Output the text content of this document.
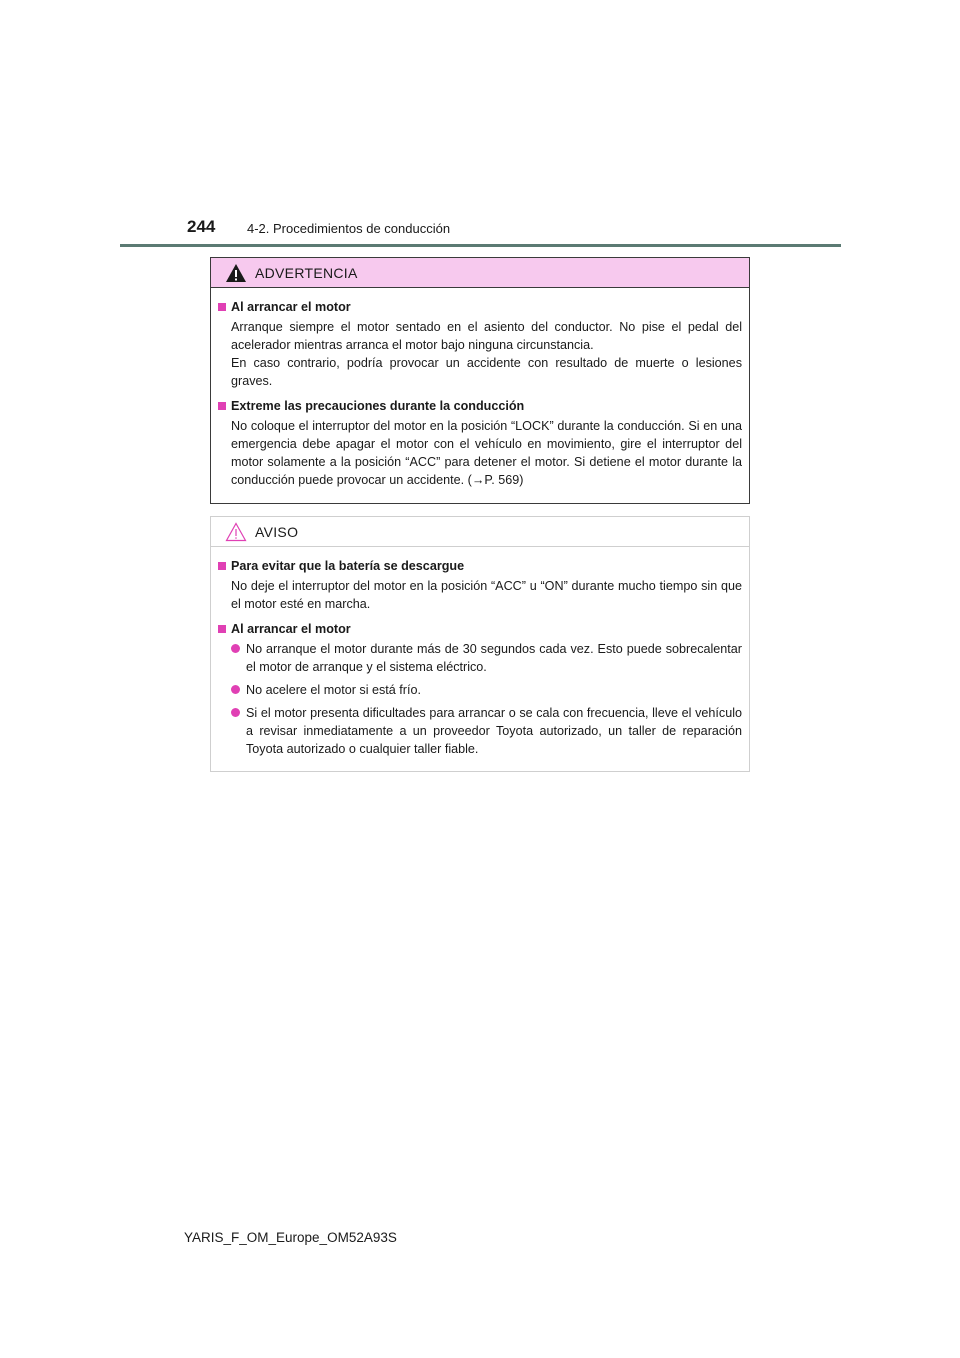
244 4-2. Procedimientos de conducción
ADVERTENCIA
Al arrancar el motor
Arranque siempre el motor sentado en el asiento del conductor. No pise el pedal del acelerador mientras arranca el motor bajo ninguna circunstancia.
En caso contrario, podría provocar un accidente con resultado de muerte o lesiones graves.
Extreme las precauciones durante la conducción
No coloque el interruptor del motor en la posición “LOCK” durante la conducción. Si en una emergencia debe apagar el motor con el vehículo en movimiento, gire el interruptor del motor solamente a la posición “ACC” para detener el motor. Si detiene el motor durante la conducción puede provocar un accidente. (→P. 569)
AVISO
Para evitar que la batería se descargue
No deje el interruptor del motor en la posición “ACC” u “ON” durante mucho tiempo sin que el motor esté en marcha.
Al arrancar el motor
No arranque el motor durante más de 30 segundos cada vez. Esto puede sobrecalentar el motor de arranque y el sistema eléctrico.
No acelere el motor si está frío.
Si el motor presenta dificultades para arrancar o se cala con frecuencia, lleve el vehículo a revisar inmediatamente a un proveedor Toyota autorizado, un taller de reparación Toyota autorizado o cualquier taller fiable.
YARIS_F_OM_Europe_OM52A93S
